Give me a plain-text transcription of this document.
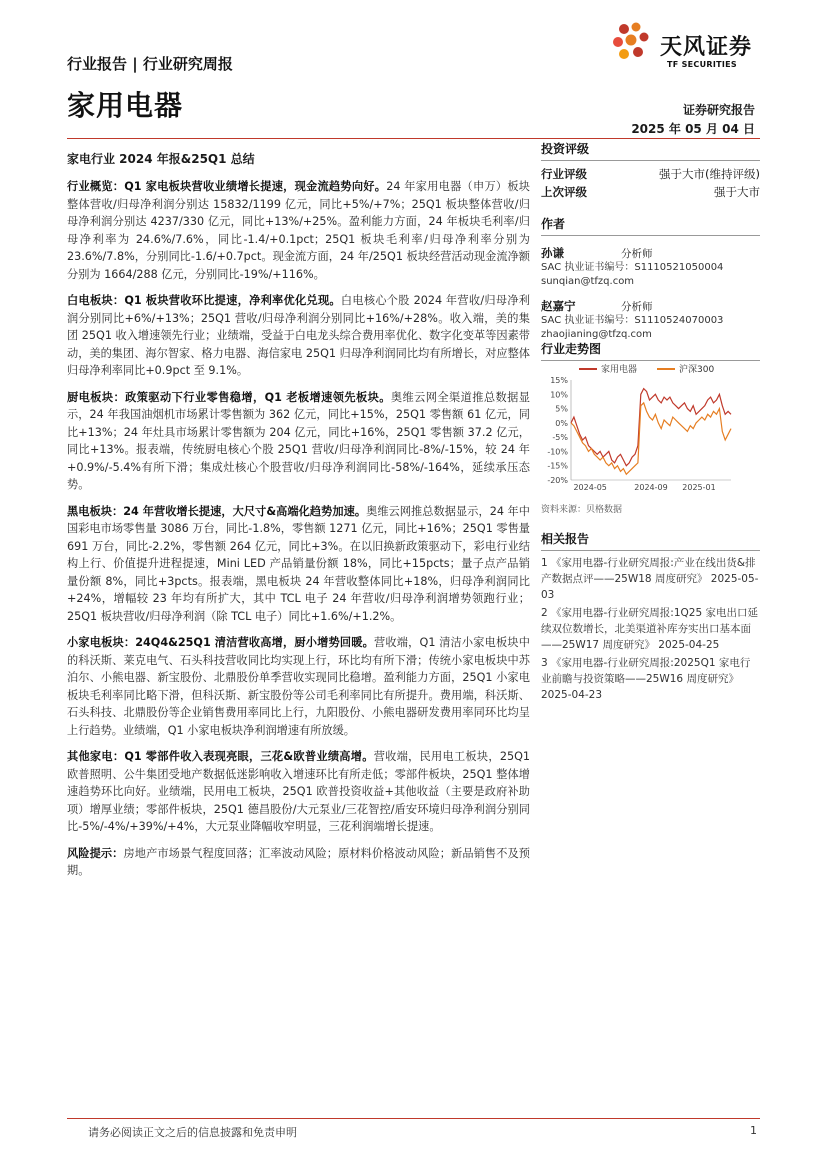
天风证券
TF SECURITIES
行业报告 | 行业研究周报
家用电器	证券研究报告
2025 年 05 月 04 日
家电行业 2024 年报&25Q1 总结

行业概览：Q1 家电板块营收业绩增长提速，现金流趋势向好。24 年家用电器（申万）板块整体营收/归母净利润分别达 15832/1199 亿元，同比+5%/+7%；25Q1 板块整体营收/归母净利润分别达 4237/330 亿元，同比+13%/+25%。盈利能力方面，24 年板块毛利率/归母净利率为 24.6%/7.6%，同比-1.4/+0.1pct；25Q1 板块毛利率/归母净利率分别为 23.6%/7.8%，分别同比-1.6/+0.7pct。现金流方面，24 年/25Q1 板块经营活动现金流净额分别为 1664/288 亿元，分别同比-19%/+116%。

白电板块：Q1 板块营收环比提速，净利率优化兑现。白电核心个股 2024 年营收/归母净利润分别同比+6%/+13%；25Q1 营收/归母净利润分别同比+16%/+28%。收入端，美的集团 25Q1 收入增速领先行业；业绩端，受益于白电龙头综合费用率优化、数字化变革等因素带动，美的集团、海尔智家、格力电器、海信家电 25Q1 归母净利润同比均有所增长，对应整体归母净利率同比+0.9pct 至 9.1%。

厨电板块：政策驱动下行业零售稳增，Q1 老板增速领先板块。奥维云网全渠道推总数据显示，24 年我国油烟机市场累计零售额为 362 亿元，同比+15%，25Q1 零售额 61 亿元，同比+13%；24 年灶具市场累计零售额为 204 亿元，同比+16%，25Q1 零售额 37.2 亿元，同比+13%。报表端，传统厨电核心个股 25Q1 营收/归母净利润同比-8%/-15%，较 24 年+0.9%/-5.4%有所下滑；集成灶核心个股营收/归母净利润同比-58%/-164%，延续承压态势。

黑电板块：24 年营收增长提速，大尺寸&高端化趋势加速。奥维云网推总数据显示，24 年中国彩电市场零售量 3086 万台，同比-1.8%，零售额 1271 亿元，同比+16%；25Q1 零售量 691 万台，同比-2.2%，零售额 264 亿元，同比+3%。在以旧换新政策驱动下，彩电行业结构上行、价值提升进程提速，Mini LED 产品销量份额 18%，同比+15pcts；量子点产品销量份额 8%，同比+3pcts。报表端，黑电板块 24 年营收整体同比+18%，归母净利润同比+24%，增幅较 23 年均有所扩大，其中 TCL 电子 24 年营收/归母净利润增势领跑行业；25Q1 板块营收/归母净利润（除 TCL 电子）同比+1.6%/+1.2%。

小家电板块：24Q4&25Q1 清洁营收高增，厨小增势回暖。营收端，Q1 清洁小家电板块中的科沃斯、莱克电气、石头科技营收同比均实现上行，环比均有所下滑；传统小家电板块中苏泊尔、小熊电器、新宝股份、北鼎股份单季营收实现同比稳增。盈利能力方面，25Q1 小家电板块毛利率同比略下滑，但科沃斯、新宝股份等公司毛利率同比有所提升。费用端，科沃斯、石头科技、北鼎股份等企业销售费用率同比上行，九阳股份、小熊电器研发费用率同环比均呈上行趋势。业绩端，Q1 小家电板块净利润增速有所放缓。

其他家电：Q1 零部件收入表现亮眼，三花&欧普业绩高增。营收端，民用电工板块，25Q1 欧普照明、公牛集团受地产数据低迷影响收入增速环比有所走低；零部件板块，25Q1 整体增速趋势环比向好。业绩端，民用电工板块，25Q1 欧普投资收益+其他收益（主要是政府补助项）增厚业绩；零部件板块，25Q1 德昌股份/大元泵业/三花智控/盾安环境归母净利润分别同比-5%/-4%/+39%/+4%，大元泵业降幅收窄明显，三花利润端增长提速。

风险提示：房地产市场景气程度回落；汇率波动风险；原材料价格波动风险；新品销售不及预期。

投资评级
行业评级	强于大市(维持评级)
上次评级	强于大市
作者
孙谦	分析师
SAC 执业证书编号：S1110521050004
sunqian@tfzq.com
赵嘉宁	分析师
SAC 执业证书编号：S1110524070003
zhaojianing@tfzq.com
行业走势图
15%
10%
5%
0%
-5%
-10%
-15%
-20%
2024-05	2024-09 2025-01
家用电器	沪深300
资料来源：贝格数据
相关报告
1 《家用电器-行业研究周报:产业在线出货&排产数据点评——25W18 周度研究》 2025-05-03
2 《家用电器-行业研究周报:1Q25 家电出口延续双位数增长，北美渠道补库夯实出口基本面——25W17 周度研究》 2025-04-25
3 《家用电器-行业研究周报:2025Q1 家电行业前瞻与投资策略——25W16 周度研究》 2025-04-23
请务必阅读正文之后的信息披露和免责申明	1
